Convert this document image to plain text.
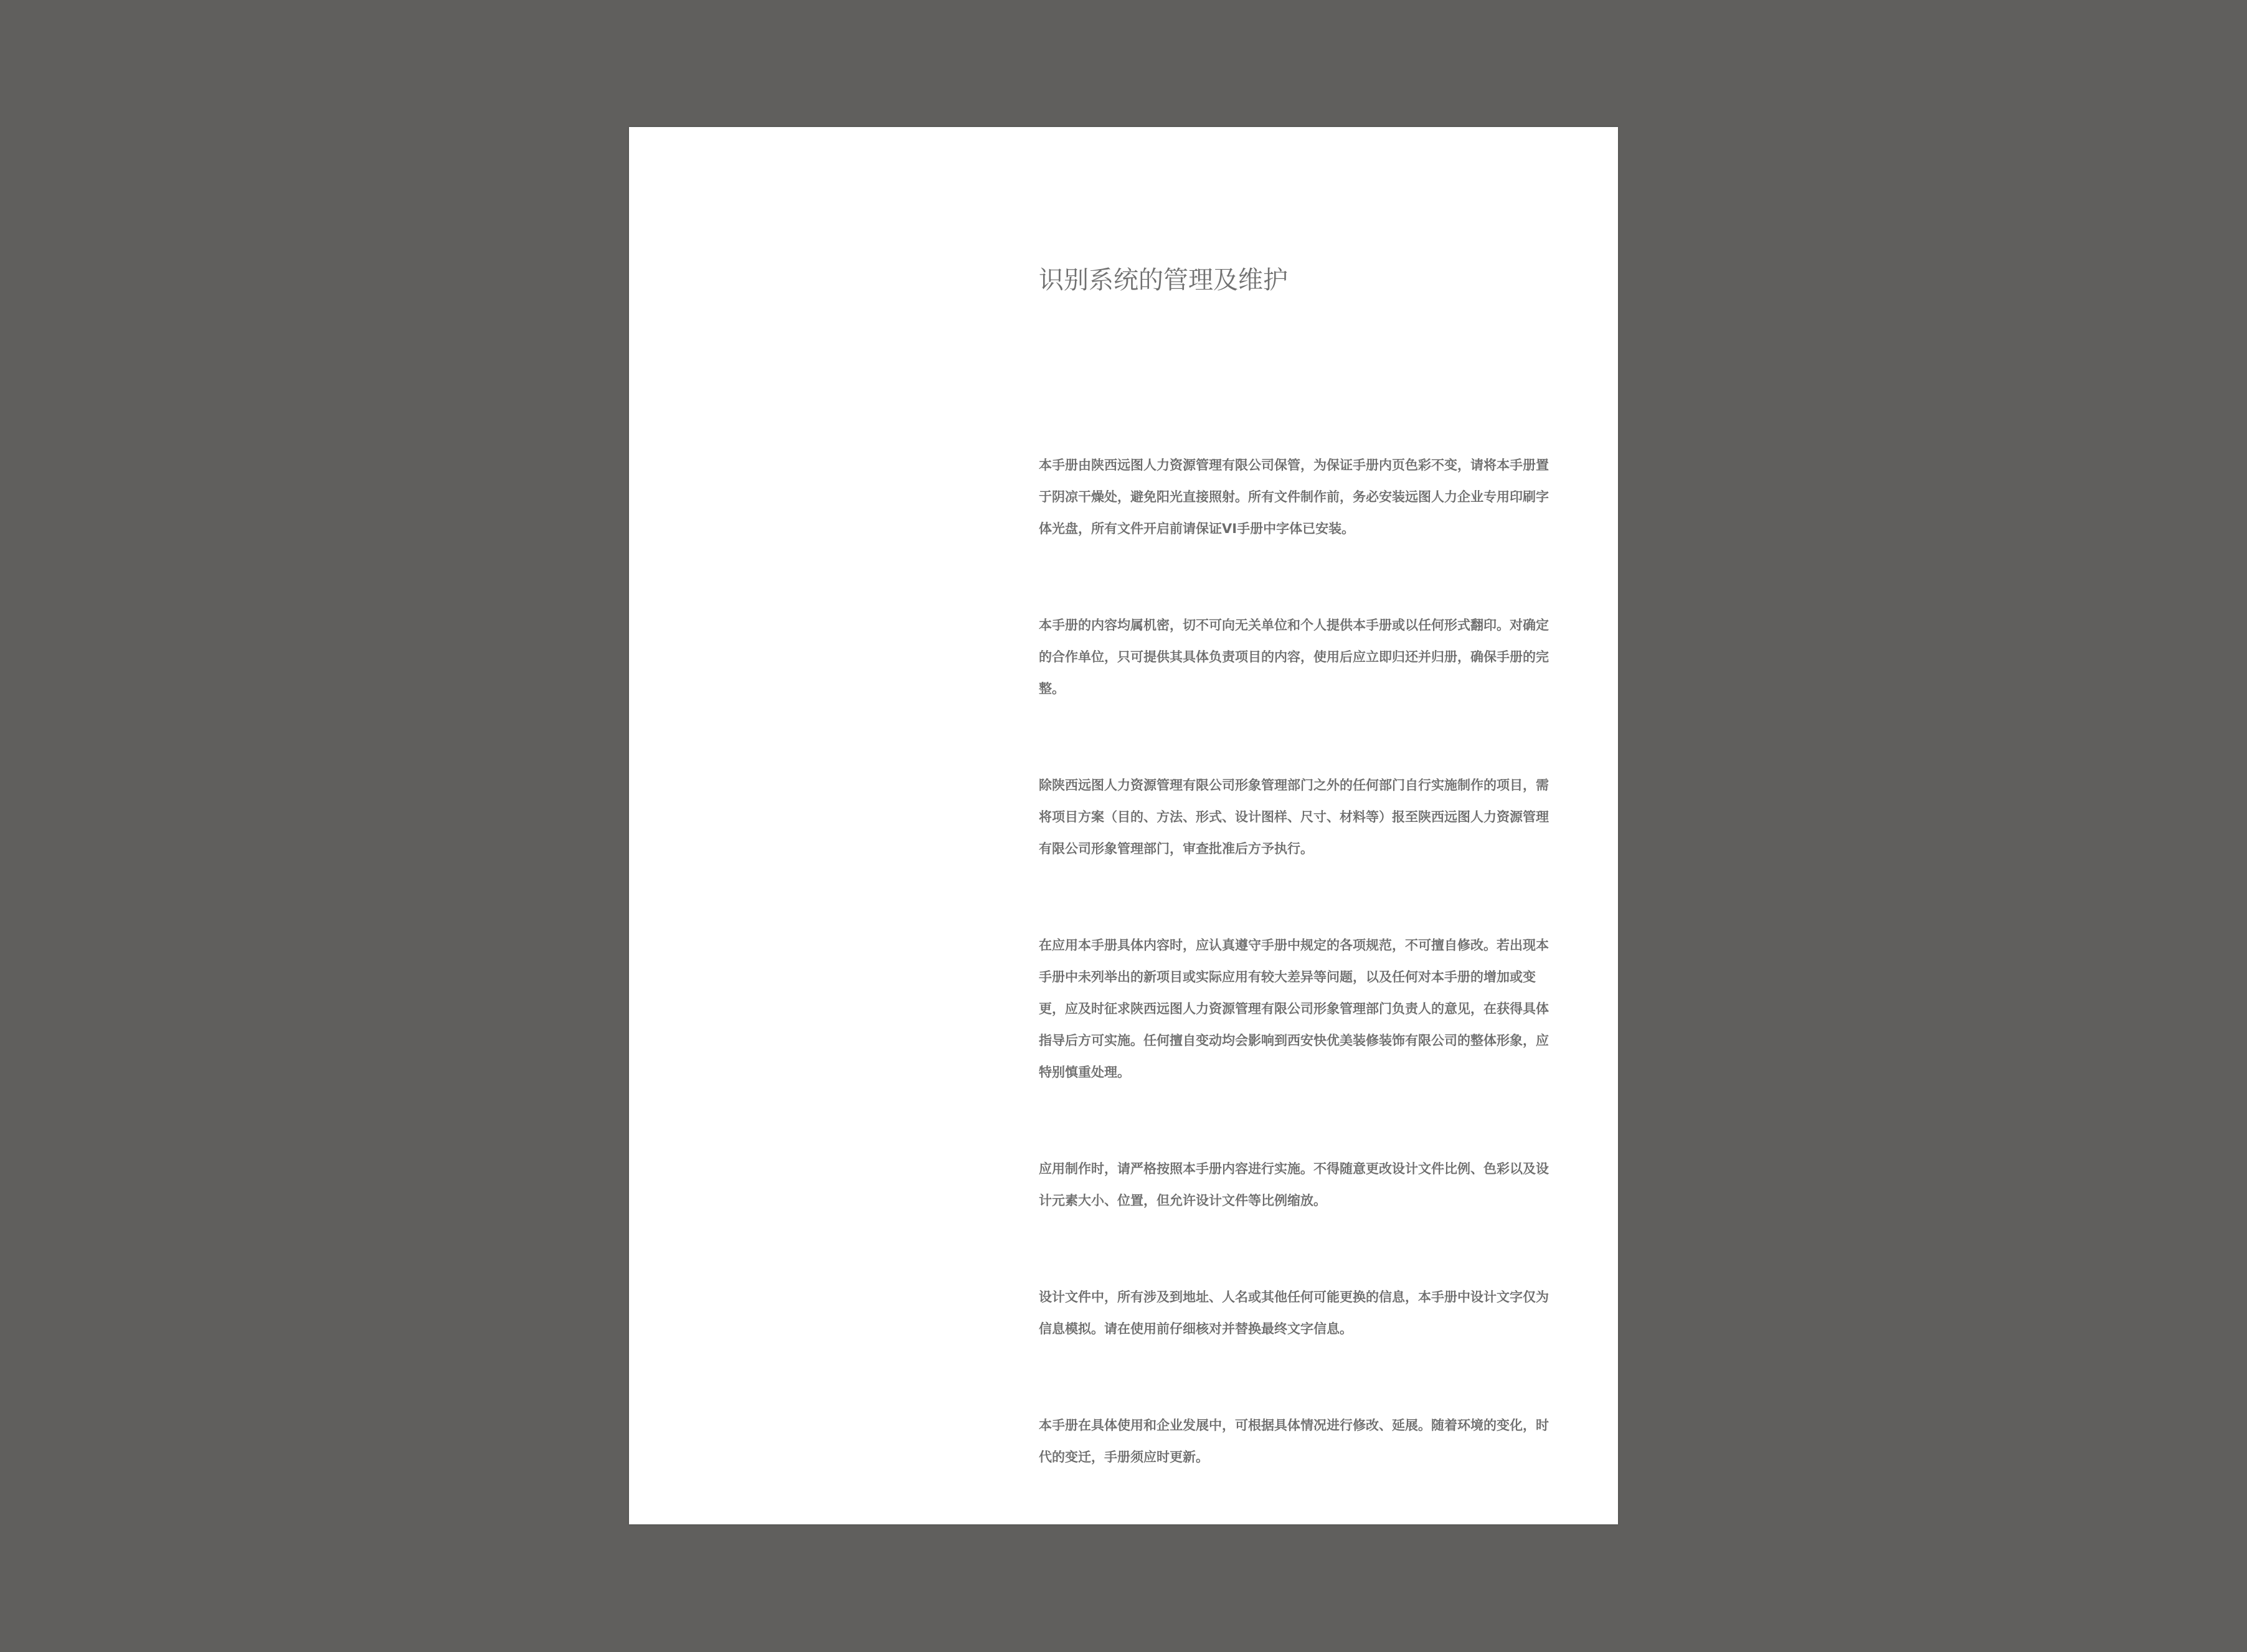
识别系统的管理及维护

本手册由陕西远图人力资源管理有限公司保管，为保证手册内页色彩不变，请将本手册置于阴凉干燥处，避免阳光直接照射。所有文件制作前，务必安装远图人力企业专用印刷字体光盘，所有文件开启前请保证VI手册中字体已安装。

本手册的内容均属机密，切不可向无关单位和个人提供本手册或以任何形式翻印。对确定的合作单位，只可提供其具体负责项目的内容，使用后应立即归还并归册，确保手册的完整。

除陕西远图人力资源管理有限公司形象管理部门之外的任何部门自行实施制作的项目，需将项目方案（目的、方法、形式、设计图样、尺寸、材料等）报至陕西远图人力资源管理有限公司形象管理部门，审查批准后方予执行。

在应用本手册具体内容时，应认真遵守手册中规定的各项规范，不可擅自修改。若出现本手册中未列举出的新项目或实际应用有较大差异等问题，以及任何对本手册的增加或变更，应及时征求陕西远图人力资源管理有限公司形象管理部门负责人的意见，在获得具体指导后方可实施。任何擅自变动均会影响到西安快优美装修装饰有限公司的整体形象，应特别慎重处理。

应用制作时，请严格按照本手册内容进行实施。不得随意更改设计文件比例、色彩以及设计元素大小、位置，但允许设计文件等比例缩放。

设计文件中，所有涉及到地址、人名或其他任何可能更换的信息，本手册中设计文字仅为信息模拟。请在使用前仔细核对并替换最终文字信息。

本手册在具体使用和企业发展中，可根据具体情况进行修改、延展。随着环境的变化，时代的变迁，手册须应时更新。
